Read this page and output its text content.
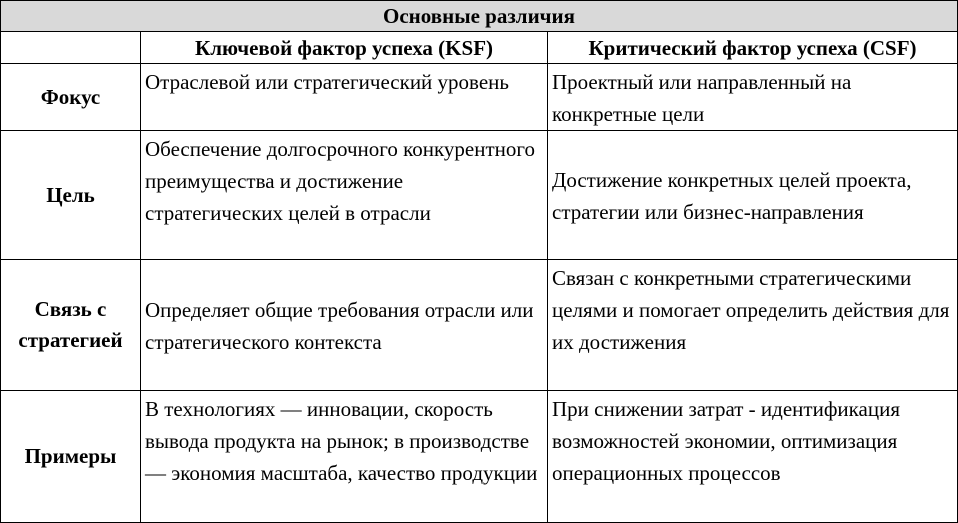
Основные различия		
	Ключевой фактор успеха (KSF)	Критический фактор успеха (CSF)
Фокус	Отраслевой или стратегический уровень	Проектный или направленный на конкретные цели
Цель	Обеспечение долгосрочного конкурентного преимущества и достижение стратегических целей в отрасли	Достижение конкретных целей проекта, стратегии или бизнес-направления
Связь с стратегией	Определяет общие требования отрасли или стратегического контекста	Связан с конкретными стратегическими целями и помогает определить действия для их достижения
Примеры	В технологиях — инновации, скорость вывода продукта на рынок; в производстве — экономия масштаба, качество продукции	При снижении затрат - идентификация возможностей экономии, оптимизация операционных процессов
